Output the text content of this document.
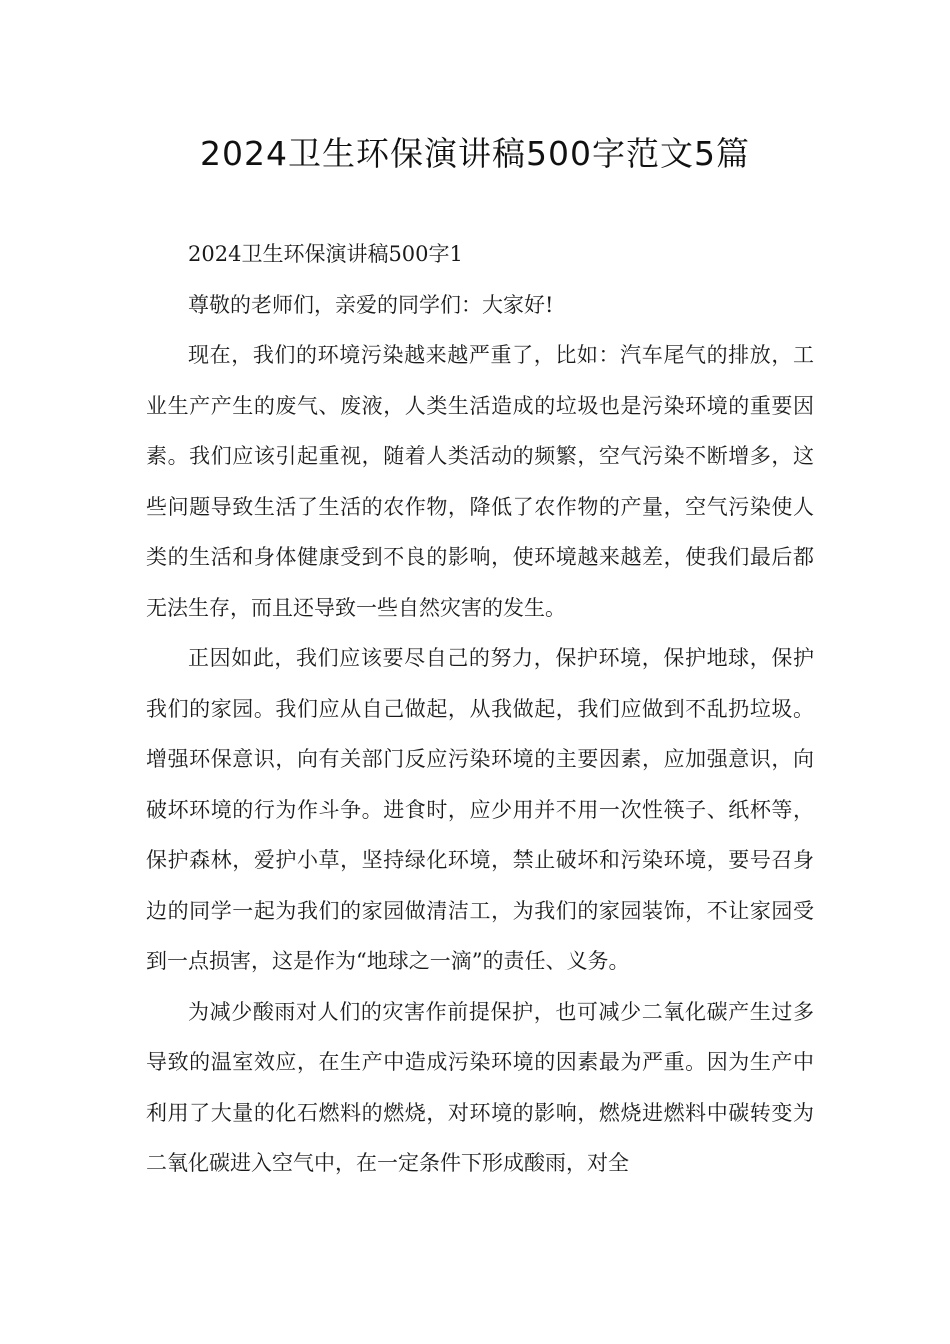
2024卫生环保演讲稿500字范文5篇

2024卫生环保演讲稿500字1

尊敬的老师们，亲爱的同学们：大家好!

现在，我们的环境污染越来越严重了，比如：汽车尾气的排放，工业生产产生的废气、废液，人类生活造成的垃圾也是污染环境的重要因素。我们应该引起重视，随着人类活动的频繁，空气污染不断增多，这些问题导致生活了生活的农作物，降低了农作物的产量，空气污染使人类的生活和身体健康受到不良的影响，使环境越来越差，使我们最后都无法生存，而且还导致一些自然灾害的发生。

正因如此，我们应该要尽自己的努力，保护环境，保护地球，保护我们的家园。我们应从自己做起，从我做起，我们应做到不乱扔垃圾。增强环保意识，向有关部门反应污染环境的主要因素，应加强意识，向破坏环境的行为作斗争。进食时，应少用并不用一次性筷子、纸杯等，保护森林，爱护小草，坚持绿化环境，禁止破坏和污染环境，要号召身边的同学一起为我们的家园做清洁工，为我们的家园装饰，不让家园受到一点损害，这是作为“地球之一滴”的责任、义务。

为减少酸雨对人们的灾害作前提保护，也可减少二氧化碳产生过多导致的温室效应，在生产中造成污染环境的因素最为严重。因为生产中利用了大量的化石燃料的燃烧，对环境的影响，燃烧进燃料中碳转变为二氧化碳进入空气中，在一定条件下形成酸雨，对全
